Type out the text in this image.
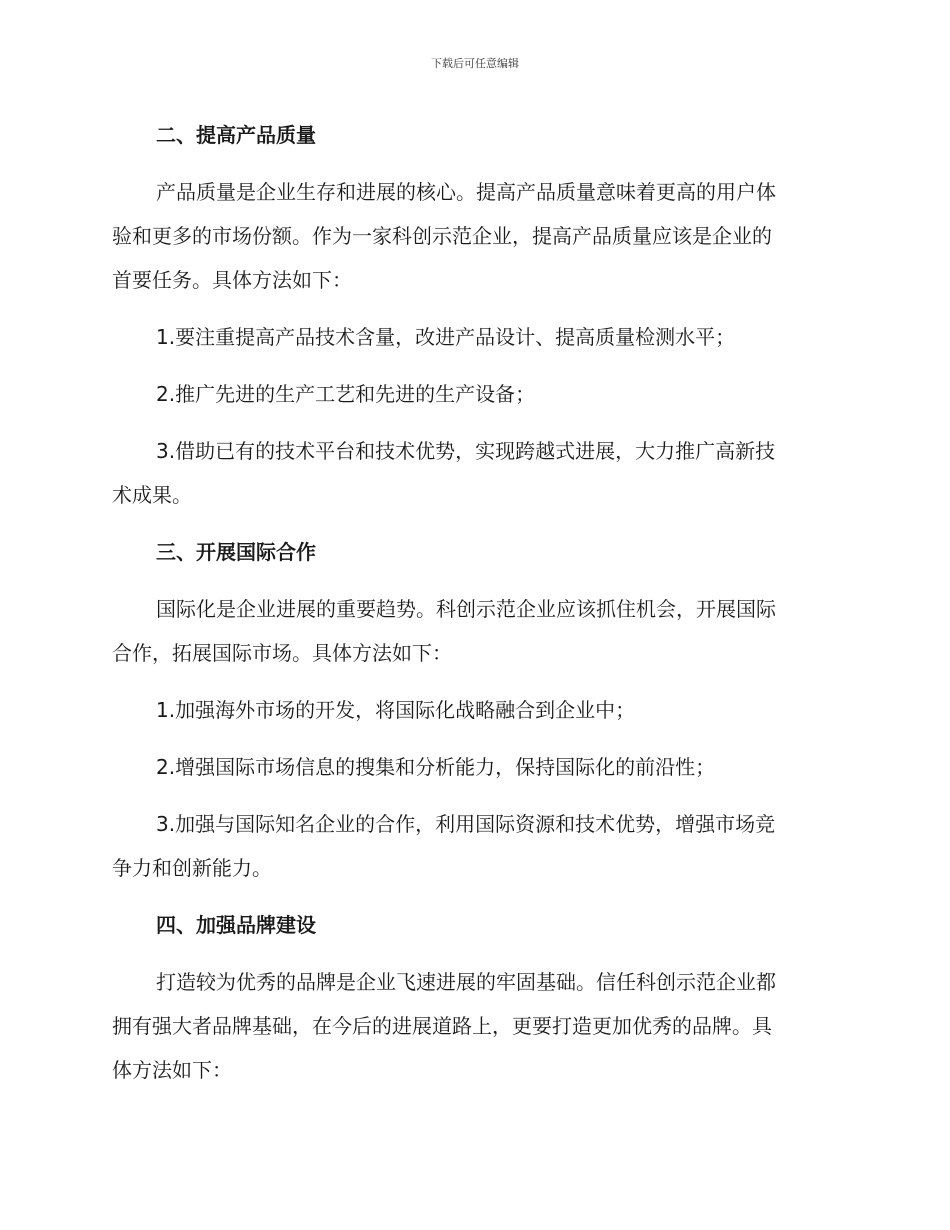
下载后可任意编辑

二、提高产品质量

产品质量是企业生存和进展的核心。提高产品质量意味着更高的用户体

验和更多的市场份额。作为一家科创示范企业，提高产品质量应该是企业的

首要任务。具体方法如下：

1.要注重提高产品技术含量，改进产品设计、提高质量检测水平；

2.推广先进的生产工艺和先进的生产设备；

3.借助已有的技术平台和技术优势，实现跨越式进展，大力推广高新技

术成果。

三、开展国际合作

国际化是企业进展的重要趋势。科创示范企业应该抓住机会，开展国际

合作，拓展国际市场。具体方法如下：

1.加强海外市场的开发，将国际化战略融合到企业中；

2.增强国际市场信息的搜集和分析能力，保持国际化的前沿性；

3.加强与国际知名企业的合作，利用国际资源和技术优势，增强市场竞

争力和创新能力。

四、加强品牌建设

打造较为优秀的品牌是企业飞速进展的牢固基础。信任科创示范企业都

拥有强大者品牌基础，在今后的进展道路上，更要打造更加优秀的品牌。具

体方法如下：
